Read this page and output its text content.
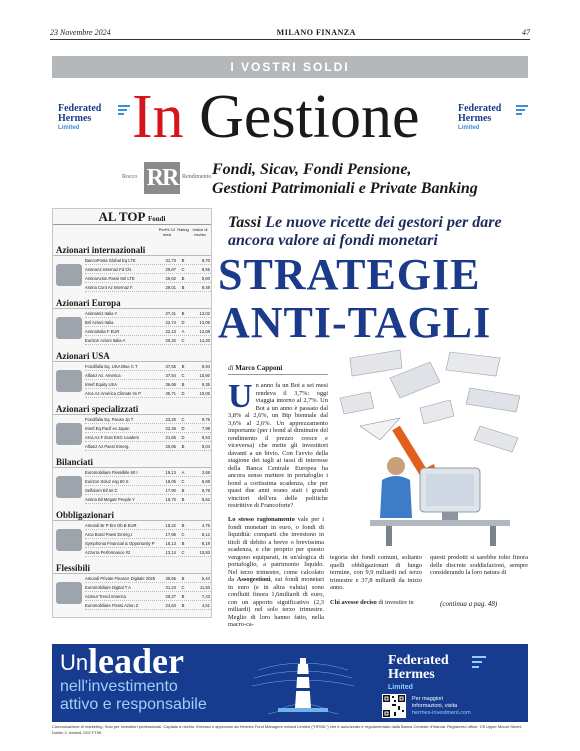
23 Novembre 2024	MILANO FINANZA	47
I VOSTRI SOLDI
Federated
Hermes
Limited
Federated
Hermes
Limited
In Gestione
Rocco RR Rendimento Fondi, Sicav, Fondi Pensione,
Gestioni Patrimoniali e Private Banking
AL TOP Fondi
Perf% 12 mesi
Rating Indice di rischio
Azionari internazionali
BancoPosta Global Eq LTE	31,73	B	8,70
AnimaAz.Internaz.Fd Cls	29,67	C	8,55
AnimaAzion.Paesi Sel LTE	29,62	B	8,60
Anima Cont Az Internaz F	29,01	B	8,48
Azionari Europa
AnimaIniz.Italia Y	27,41	B	13,02
Bnl Azioni Italia	22,74	D	13,06
AnimaItalia F EUR	22,13	A	12,68
Eurizon Azioni Italia A	20,32	C	14,20
Azionari USA
Fondifalia Eq. USA Blue C T	37,55	B	9,94
Allianz Az. America	37,54	C	10,60
Interf.Equity USA	36,66	B	9,35
Arca Az.America Climate Im P	35,71	D	10,06
Azionari specializzati
Fondifalia Eq. Pacwx Jp T	23,26	C	9,76
Interf.Eq.Pacif ex Japan	22,36	D	7,99
Arca Az.F Eust ESG Leaders	21,65	D	8,53
Allianz Az.Paesi Emerg.	20,65	B	8,04
Bilanciati
Euromobiliare Flessibile 60 I	19,13	A	2,68
Eurizon Soluz esg 60 S	18,06	C	6,68
Selfdorm Bil Int C	17,90	B	6,78
Anima Bil Megatr People Y	16,70	B	6,62
Obbligazionari
Amundi Br P Em Ob B EUR	18,22	B	4,75
Arca Bond Paesi Emerg.I	17,86	C	8,12
Symphonia Financial & Opportunity P	15,13	B	8,19
Azzurra Performance #2	13,14	C	10,83
Flessibili
Amundi Private Finance Digitale 2025	35,55	B	6,44
Euromobiliare Digital T A	31,24	C	11,50
Azimut Trend America	29,27	B	7,43
Euromobiliare Flessi.Azion Z	24,63	B	4,61
Tassi Le nuove ricette dei gestori per dare ancora valore ai fondi monetari
STRATEGIE
ANTI-TAGLI
di Marco Capponi
Un anno fa un Bot a sei mesi rendeva il 3,7%: oggi viaggia intorno al 2,7%. Un Bot a un anno è passato dal 3,8% al 2,6%, un Btp biennale dal 3,6% al 2,6%. Un apprezzamento importante (per i bond al diminuire del rendimento il prezzo cresce e viceversa) che mette gli investitori davanti a un bivio. Con l'avvio della stagione dei tagli ai tassi di interesse della Banca Centrale Europea ha ancora senso mettere in portafoglio i bond a cortissima scadenza, che per quasi due anni erano stati i grandi vincitori dell'era delle politiche restrittive di Francoforte?
Lo stesso ragionamento vale per i fondi monetari in euro, o fondi di liquidità: comparti che investono in titoli di debito a breve o brevissima scadenza, e che proprio per questo vengono equiparati, in un'alogica di portafoglio, a patrimonio liquido. Nel terzo trimestre, come calcolato da Assogestioni, sui fondi monetari in euro (e in altra valuta) sono confluiti finora 1,6miliardi di euro, con un apporto significativo (2,3 miliardi) nel solo terzo trimestre. Meglio di loro hanno fatto, nella macro-ca-
tegoria dei fondi comuni, soltanto quelli obbligazionari di lungo termine, con 9,9 miliardi nel terzo trimestre e 37,8 miliardi da inizio anno.

Chi avesse deciso di investire in
questi prodotti si sarebbe tolto finora delle discrete soddisfazioni, sempre considerando la loro natura di
(continua a pag. 48)
Un leader
nell'investimento
attivo e responsabile
Federated
Hermes
Limited
Per maggiori
informazioni, visita
hermes-investment.com
Comunicazione di marketing. Solo per investitori professionali. Capitale a rischio. Emesso e approvato da Hermes Fund Managers Ireland Limited ("HFMIL") che è autorizzato e regolamentato dalla Banca Centrale d'Irlanda. Registered office: 7/8 Upper Mount Street, Dublin 2, Ireland, D02 FT59.
